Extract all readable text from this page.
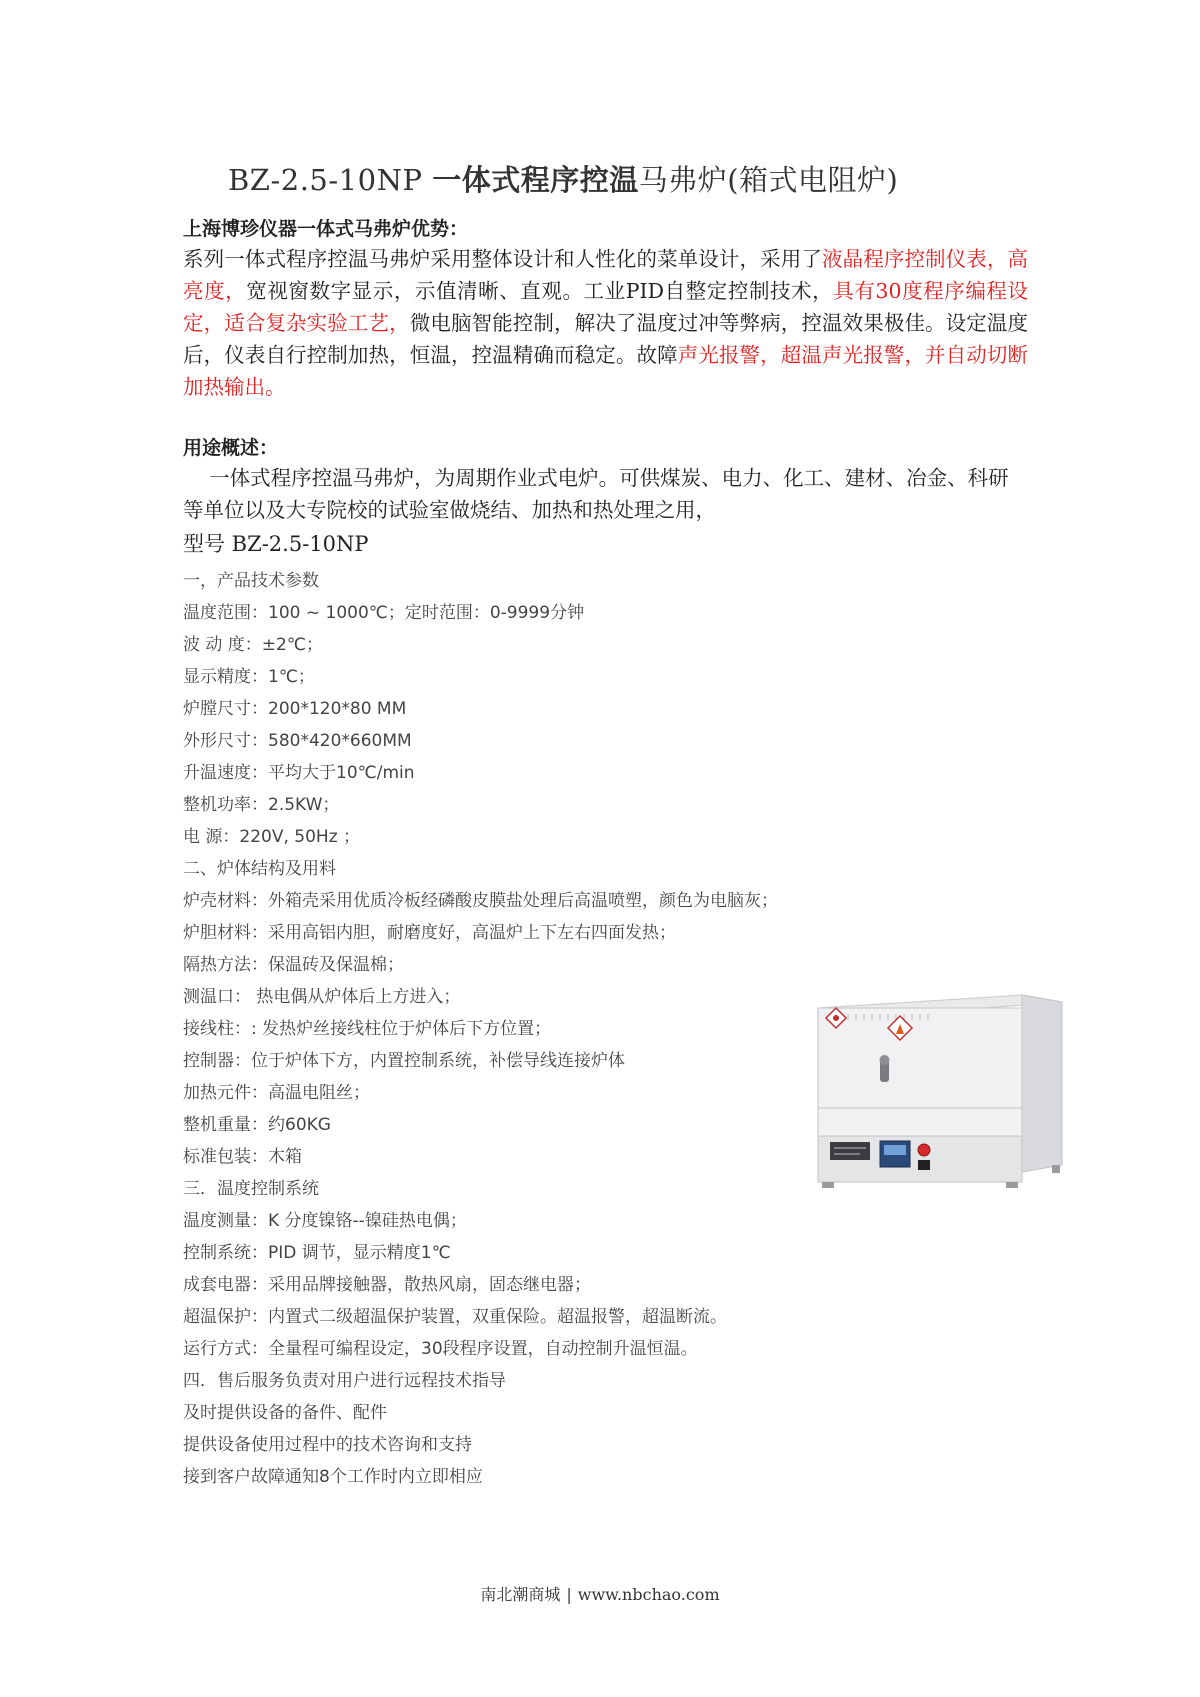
BZ-2.5-10NP 一体式程序控温马弗炉(箱式电阻炉)
上海博珍仪器一体式马弗炉优势：
系列一体式程序控温马弗炉采用整体设计和人性化的菜单设计，采用了液晶程序控制仪表，高亮度，宽视窗数字显示，示值清晰、直观。工业PID自整定控制技术，具有30度程序编程设定，适合复杂实验工艺，微电脑智能控制，解决了温度过冲等弊病，控温效果极佳。设定温度后，仪表自行控制加热，恒温，控温精确而稳定。故障声光报警，超温声光报警，并自动切断加热输出。
用途概述：
一体式程序控温马弗炉，为周期作业式电炉。可供煤炭、电力、化工、建材、冶金、科研等单位以及大专院校的试验室做烧结、加热和热处理之用，
型号 BZ-2.5-10NP
一，产品技术参数
温度范围：100 ~ 1000℃；定时范围：0-9999分钟
波 动 度：±2℃；
显示精度：1℃；
炉膛尺寸：200*120*80 MM
外形尺寸：580*420*660MM
升温速度：平均大于10℃/min
整机功率：2.5KW；
电 源：220V, 50Hz ；
二、炉体结构及用料
炉壳材料：外箱壳采用优质冷板经磷酸皮膜盐处理后高温喷塑，颜色为电脑灰；
炉胆材料：采用高铝内胆，耐磨度好，高温炉上下左右四面发热；
隔热方法：保温砖及保温棉；
测温口： 热电偶从炉体后上方进入；
接线柱：: 发热炉丝接线柱位于炉体后下方位置；
控制器：位于炉体下方，内置控制系统，补偿导线连接炉体
加热元件：高温电阻丝；
整机重量：约60KG
标准包装：木箱
三．温度控制系统
温度测量：K 分度镍铬--镍硅热电偶；
控制系统：PID 调节，显示精度1℃
成套电器：采用品牌接触器，散热风扇，固态继电器；
超温保护：内置式二级超温保护装置，双重保险。超温报警，超温断流。
运行方式：全量程可编程设定，30段程序设置，自动控制升温恒温。
四．售后服务负责对用户进行远程技术指导
及时提供设备的备件、配件
提供设备使用过程中的技术咨询和支持
接到客户故障通知8个工作时内立即相应
南北潮商城 | www.nbchao.com
